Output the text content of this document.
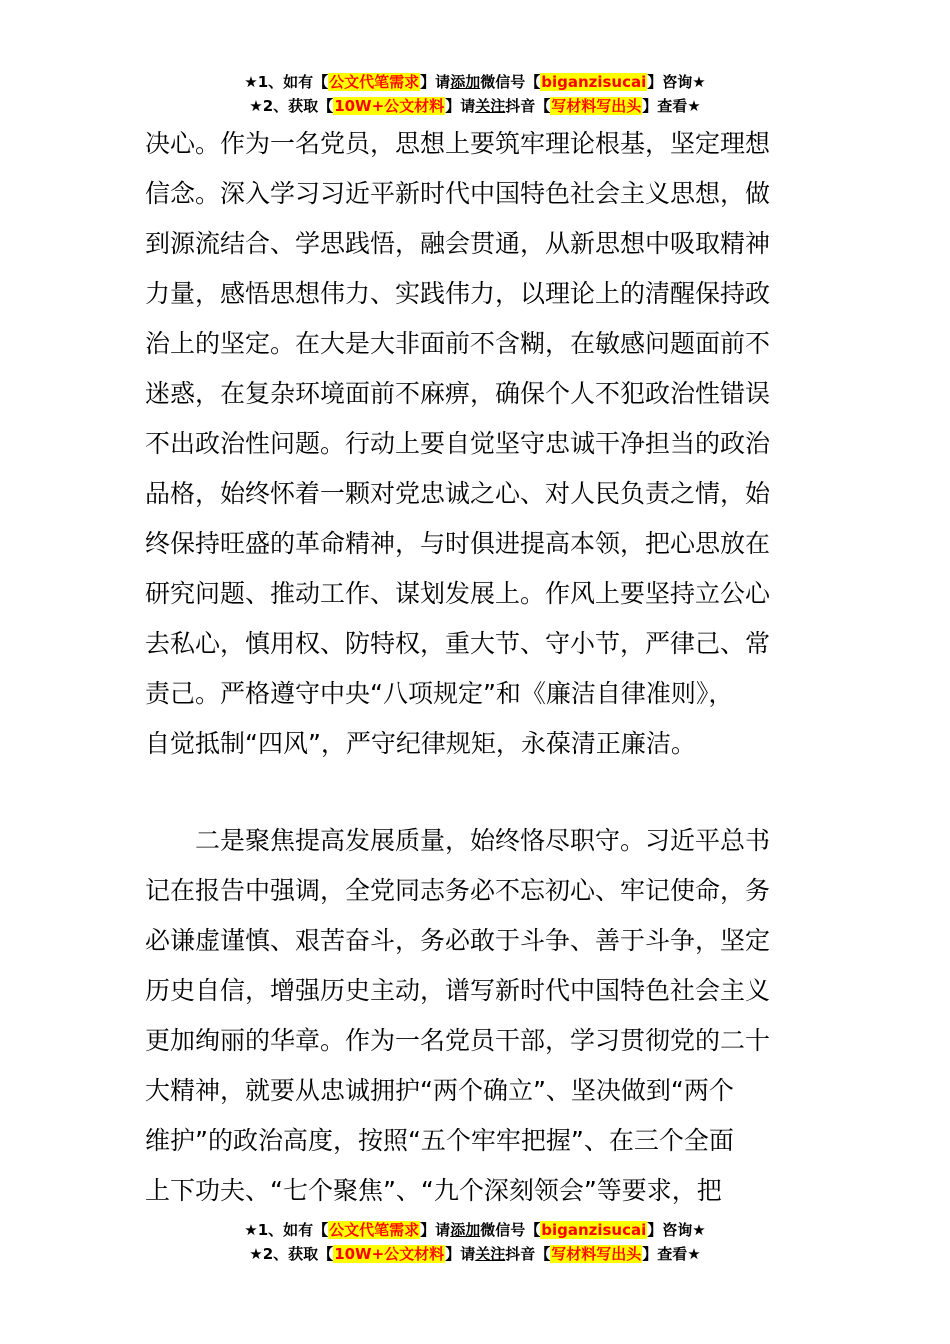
★1、如有【公文代笔需求】请添加微信号【biganzisucai】咨询★
★2、获取【10W+公文材料】请关注抖音【写材料写出头】查看★
决心。作为一名党员，思想上要筑牢理论根基，坚定理想
信念。深入学习习近平新时代中国特色社会主义思想，做
到源流结合、学思践悟，融会贯通，从新思想中吸取精神
力量，感悟思想伟力、实践伟力，以理论上的清醒保持政
治上的坚定。在大是大非面前不含糊，在敏感问题面前不
迷惑，在复杂环境面前不麻痹，确保个人不犯政治性错误
不出政治性问题。行动上要自觉坚守忠诚干净担当的政治
品格，始终怀着一颗对党忠诚之心、对人民负责之情，始
终保持旺盛的革命精神，与时俱进提高本领，把心思放在
研究问题、推动工作、谋划发展上。作风上要坚持立公心
去私心，慎用权、防特权，重大节、守小节，严律己、常
责己。严格遵守中央“八项规定”和《廉洁自律准则》，
自觉抵制“四风”，严守纪律规矩，永葆清正廉洁。
　　二是聚焦提高发展质量，始终恪尽职守。习近平总书
记在报告中强调，全党同志务必不忘初心、牢记使命，务
必谦虚谨慎、艰苦奋斗，务必敢于斗争、善于斗争，坚定
历史自信，增强历史主动，谱写新时代中国特色社会主义
更加绚丽的华章。作为一名党员干部，学习贯彻党的二十
大精神，就要从忠诚拥护“两个确立”、坚决做到“两个
维护”的政治高度，按照“五个牢牢把握”、在三个全面
上下功夫、“七个聚焦”、“九个深刻领会”等要求，把
★1、如有【公文代笔需求】请添加微信号【biganzisucai】咨询★
★2、获取【10W+公文材料】请关注抖音【写材料写出头】查看★
